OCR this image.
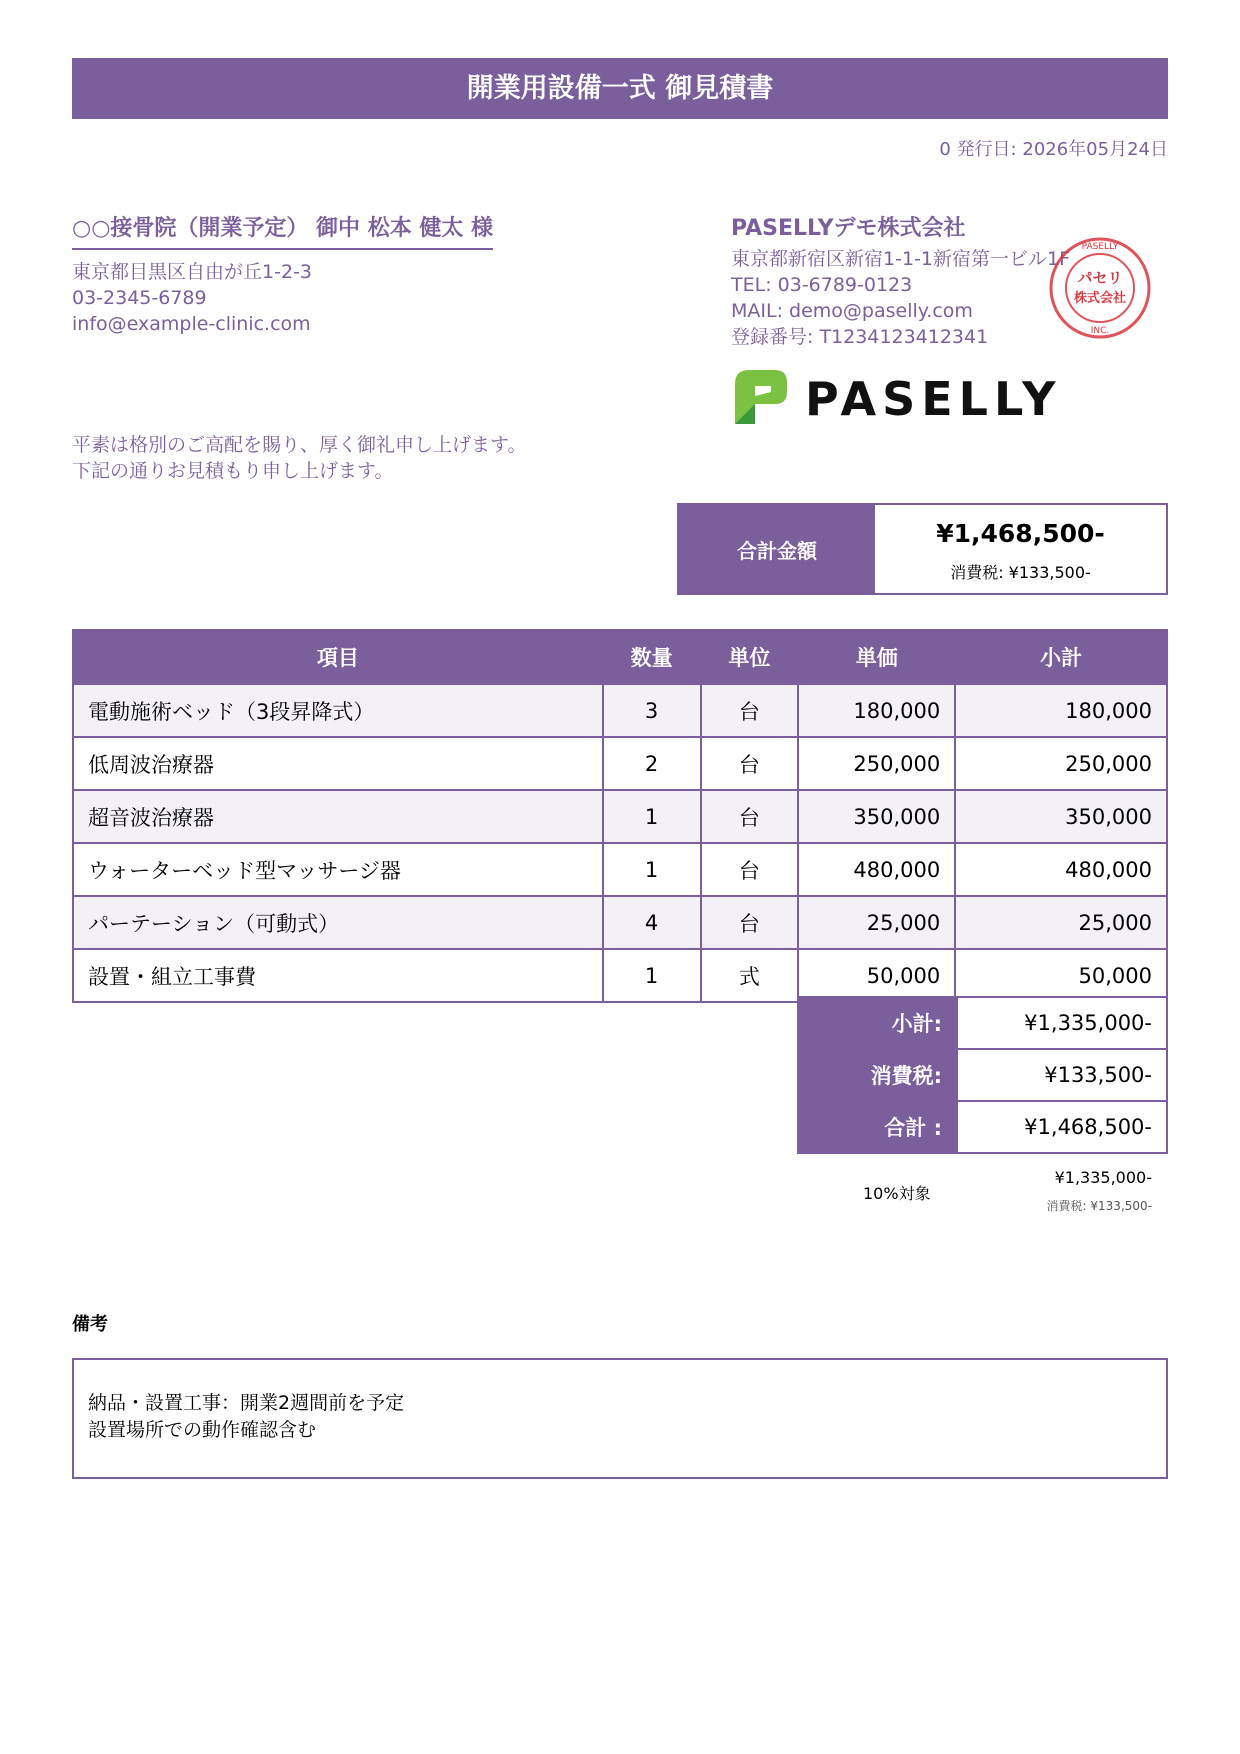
開業用設備一式 御見積書
0 発行日: 2026年05月24日
○○接骨院（開業予定） 御中 松本 健太 様
東京都目黒区自由が丘1-2-3
03-2345-6789
info@example-clinic.com
平素は格別のご高配を賜り、厚く御礼申し上げます。
下記の通りお見積もり申し上げます。
PASELLYデモ株式会社
東京都新宿区新宿1-1-1新宿第一ビル1F
TEL: 03-6789-0123
MAIL: demo@paselly.com
登録番号: T1234123412341
パセリ
株式会社
INC.
PASELLY
PASELLY
合計金額
¥1,468,500-
消費税: ¥133,500-
項目	数量	単位	単価	小計
電動施術ベッド（3段昇降式）	3	台	180,000	180,000
低周波治療器	2	台	250,000	250,000
超音波治療器	1	台	350,000	350,000
ウォーターベッド型マッサージ器	1	台	480,000	480,000
パーテーション（可動式）	4	台	25,000	25,000
設置・組立工事費	1	式	50,000	50,000
小計:	¥1,335,000-
消費税:	¥133,500-
合計 :	¥1,468,500-
10%対象
¥1,335,000-
消費税: ¥133,500-
備考
納品・設置工事：開業2週間前を予定
設置場所での動作確認含む
